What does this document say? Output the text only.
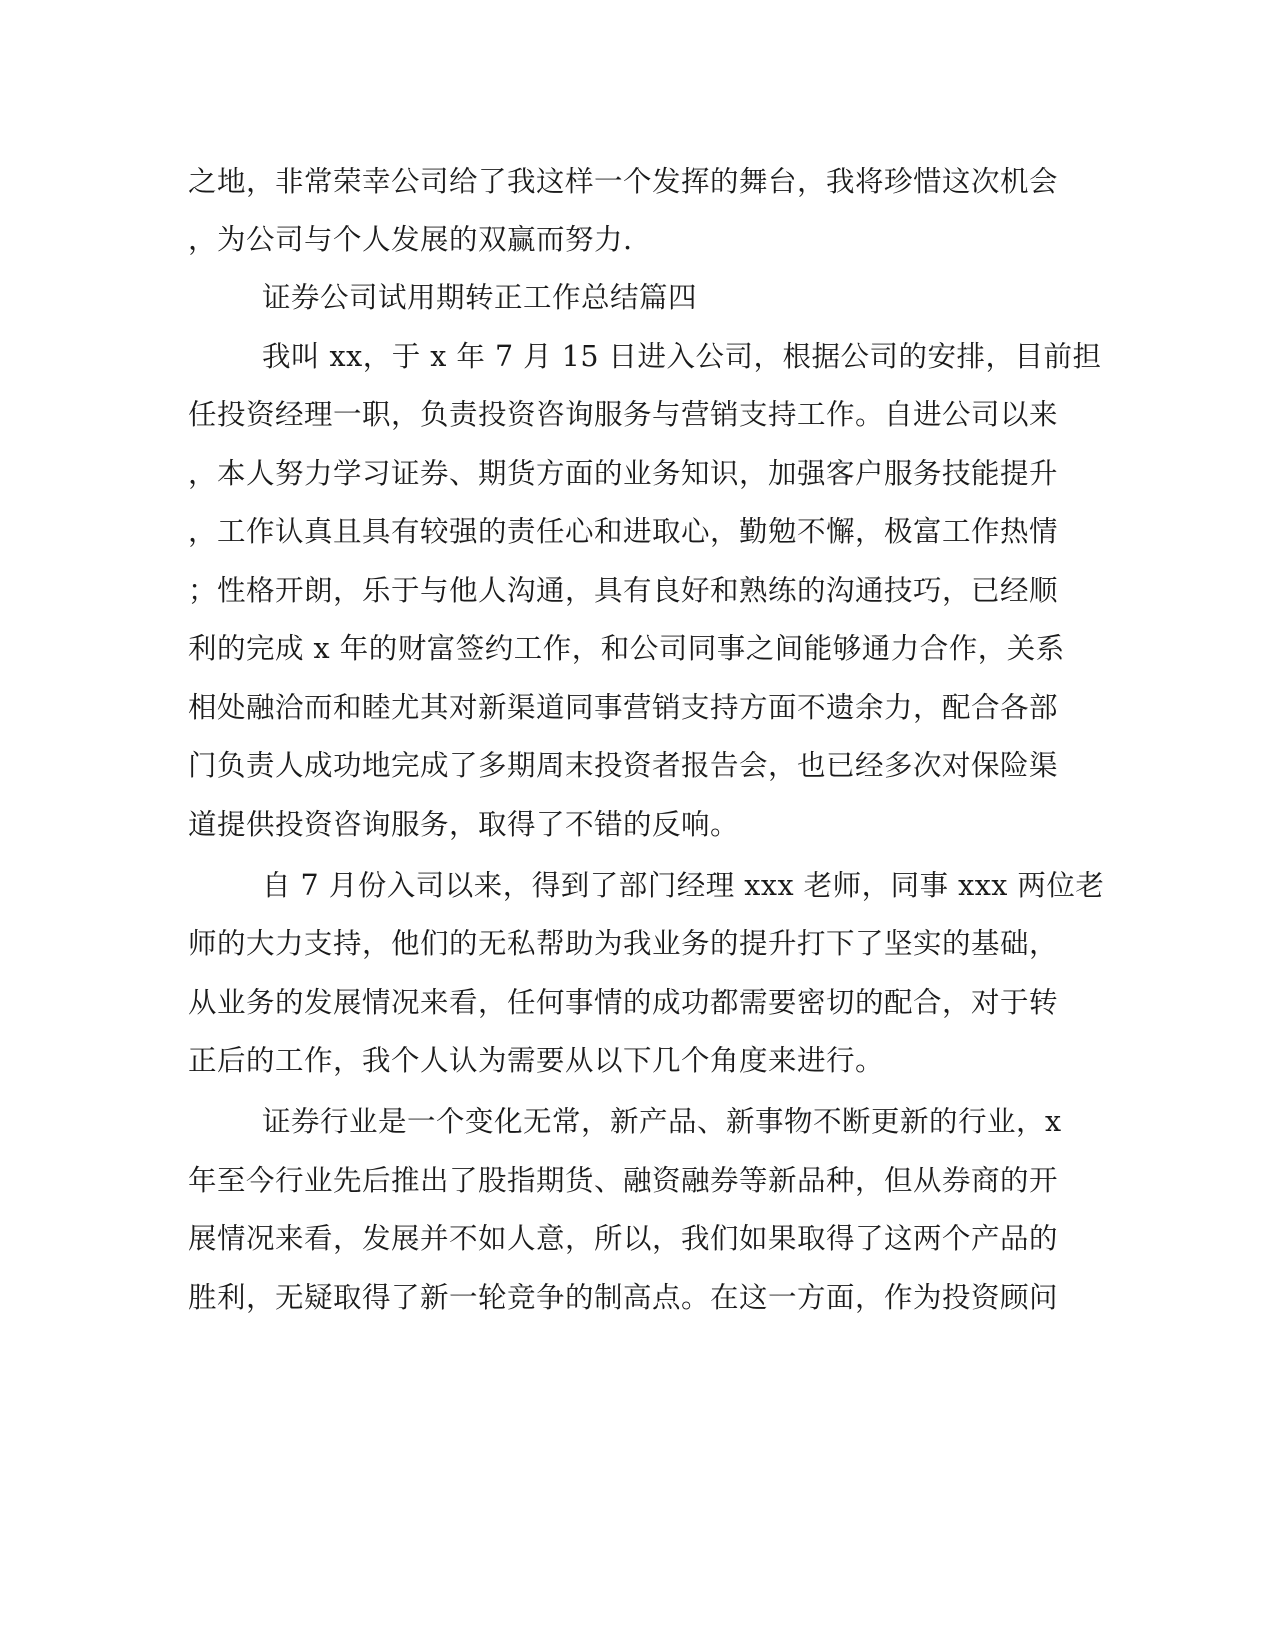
之地，非常荣幸公司给了我这样一个发挥的舞台，我将珍惜这次机会
，为公司与个人发展的双赢而努力.
证券公司试用期转正工作总结篇四
我叫 xx，于 x 年 7 月 15 日进入公司，根据公司的安排，目前担
任投资经理一职，负责投资咨询服务与营销支持工作。自进公司以来
，本人努力学习证券、期货方面的业务知识，加强客户服务技能提升
，工作认真且具有较强的责任心和进取心，勤勉不懈，极富工作热情
；性格开朗，乐于与他人沟通，具有良好和熟练的沟通技巧，已经顺
利的完成 x 年的财富签约工作，和公司同事之间能够通力合作，关系
相处融洽而和睦尤其对新渠道同事营销支持方面不遗余力，配合各部
门负责人成功地完成了多期周末投资者报告会，也已经多次对保险渠
道提供投资咨询服务，取得了不错的反响。
自 7 月份入司以来，得到了部门经理 xxx 老师，同事 xxx 两位老
师的大力支持，他们的无私帮助为我业务的提升打下了坚实的基础，
从业务的发展情况来看，任何事情的成功都需要密切的配合，对于转
正后的工作，我个人认为需要从以下几个角度来进行。
证券行业是一个变化无常，新产品、新事物不断更新的行业，x
年至今行业先后推出了股指期货、融资融券等新品种，但从券商的开
展情况来看，发展并不如人意，所以，我们如果取得了这两个产品的
胜利，无疑取得了新一轮竞争的制高点。在这一方面，作为投资顾问
